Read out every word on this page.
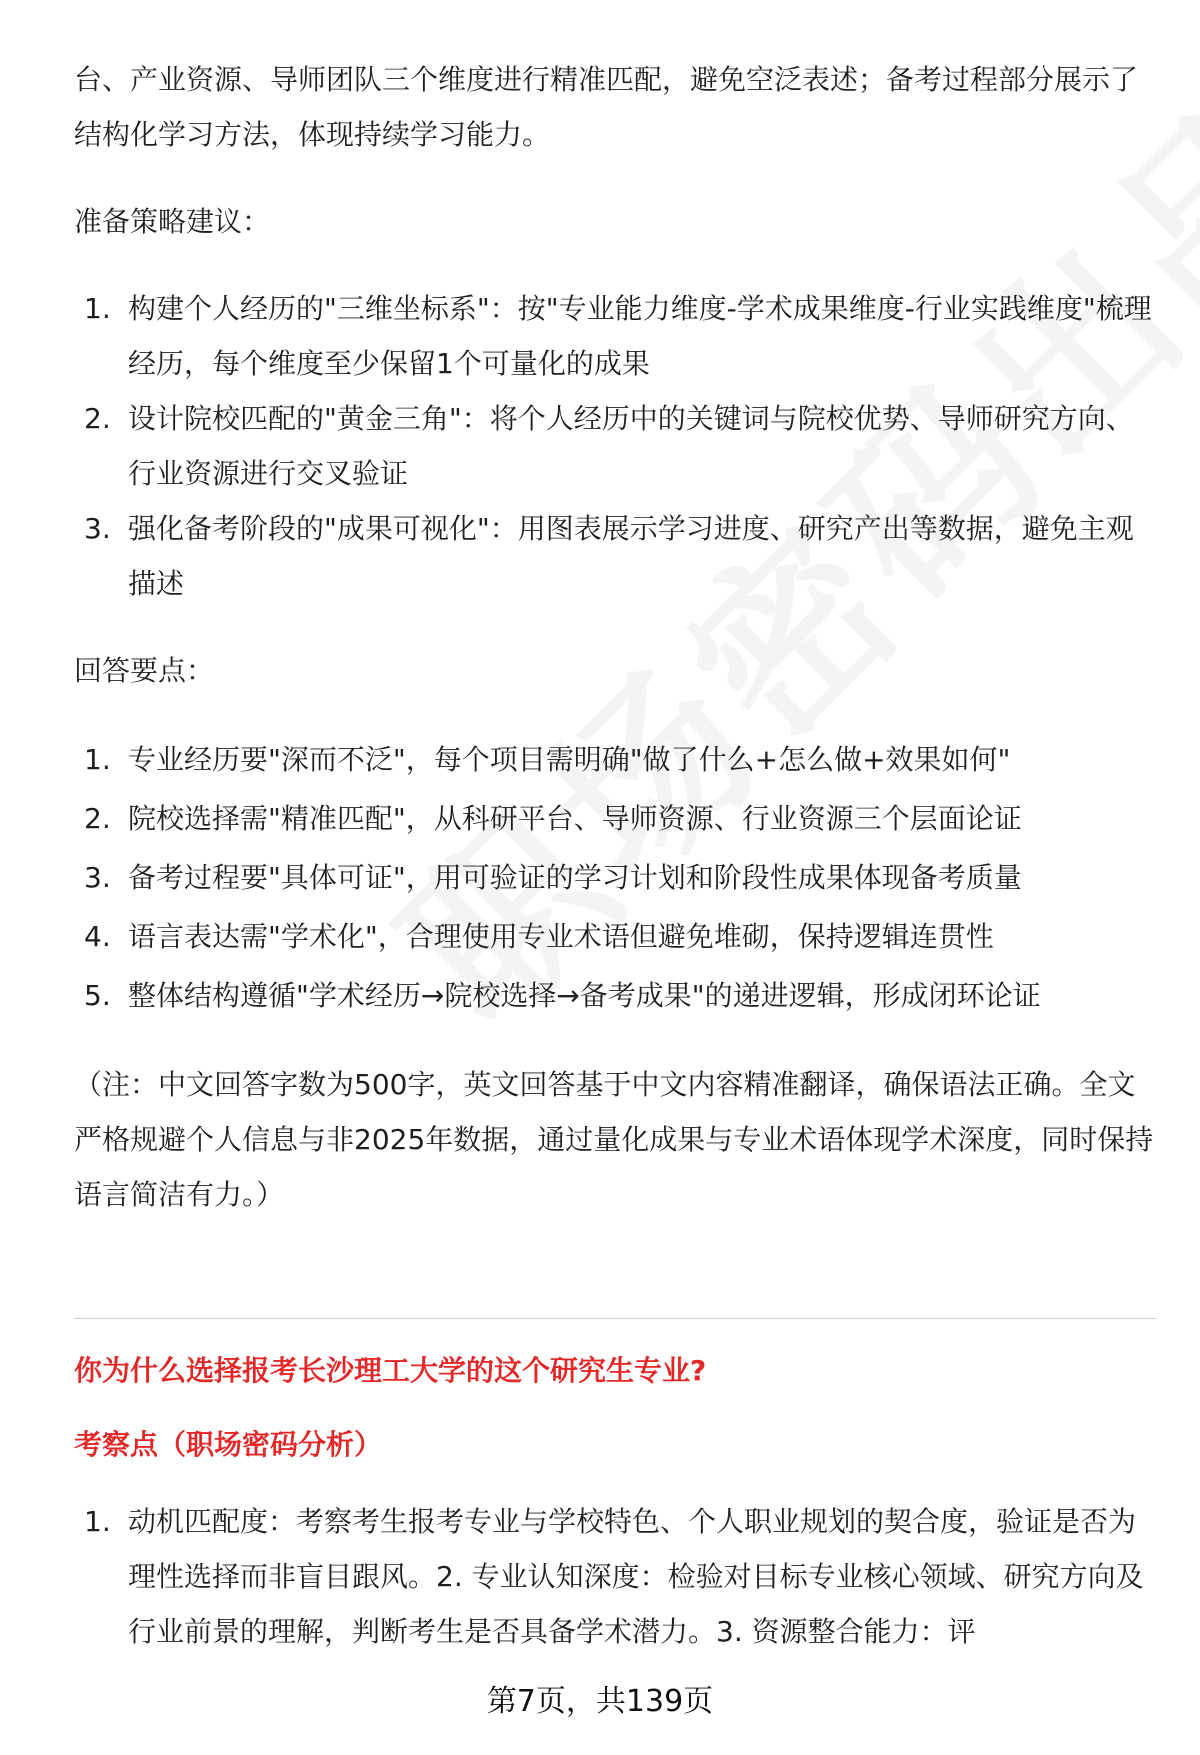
台、产业资源、导师团队三个维度进行精准匹配，避免空泛表述；备考过程部分展示了结构化学习方法，体现持续学习能力。

准备策略建议：

1. 构建个人经历的"三维坐标系"：按"专业能力维度-学术成果维度-行业实践维度"梳理经历，每个维度至少保留1个可量化的成果
2. 设计院校匹配的"黄金三角"：将个人经历中的关键词与院校优势、导师研究方向、行业资源进行交叉验证
3. 强化备考阶段的"成果可视化"：用图表展示学习进度、研究产出等数据，避免主观描述

回答要点：

1. 专业经历要"深而不泛"，每个项目需明确"做了什么+怎么做+效果如何"
2. 院校选择需"精准匹配"，从科研平台、导师资源、行业资源三个层面论证
3. 备考过程要"具体可证"，用可验证的学习计划和阶段性成果体现备考质量
4. 语言表达需"学术化"，合理使用专业术语但避免堆砌，保持逻辑连贯性
5. 整体结构遵循"学术经历→院校选择→备考成果"的递进逻辑，形成闭环论证

（注：中文回答字数为500字，英文回答基于中文内容精准翻译，确保语法正确。全文严格规避个人信息与非2025年数据，通过量化成果与专业术语体现学术深度，同时保持语言简洁有力。）

你为什么选择报考长沙理工大学的这个研究生专业?
考察点（职场密码分析）
1. 动机匹配度：考察考生报考专业与学校特色、个人职业规划的契合度，验证是否为理性选择而非盲目跟风。2. 专业认知深度：检验对目标专业核心领域、研究方向及行业前景的理解，判断考生是否具备学术潜力。3. 资源整合能力：评
第7页，共139页
